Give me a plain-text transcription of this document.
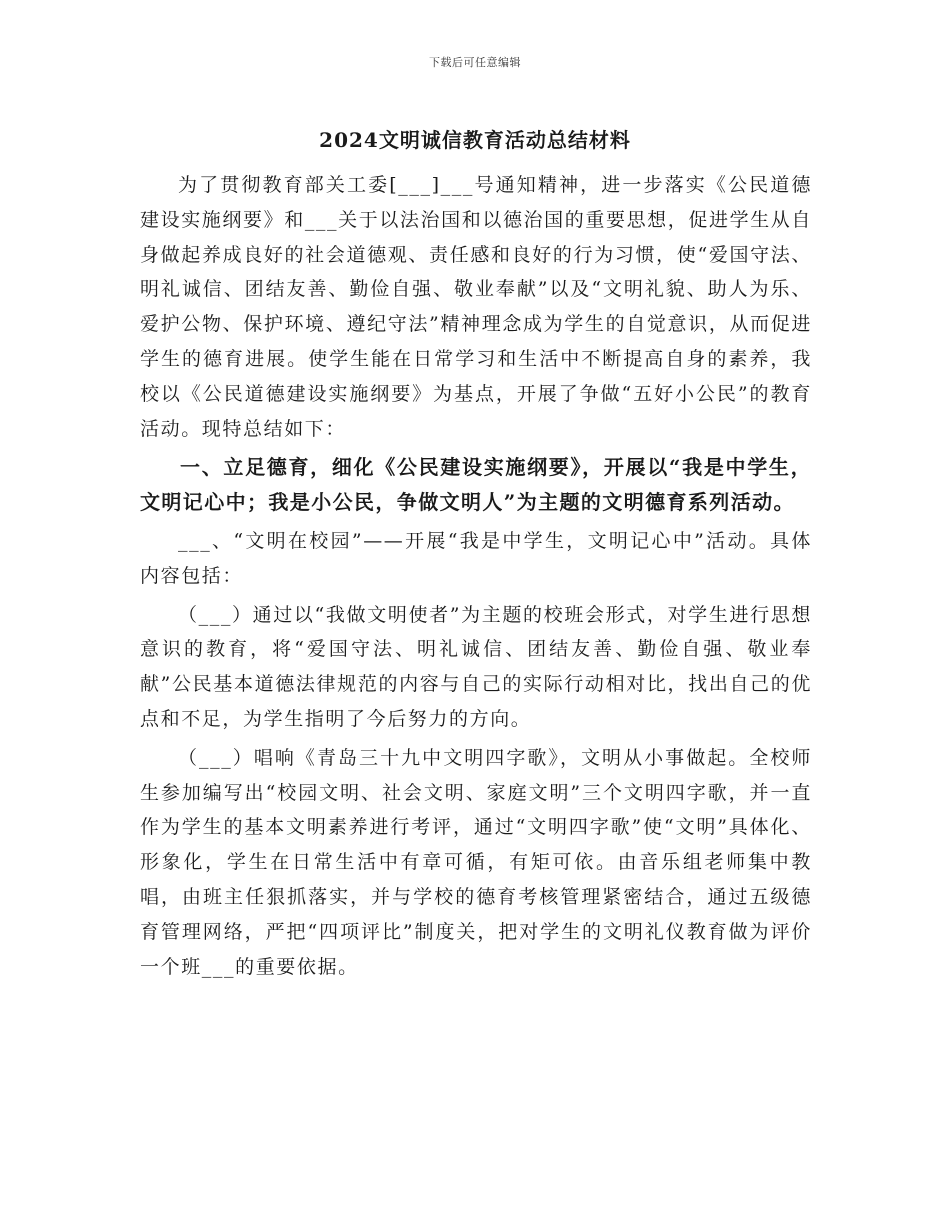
下载后可任意编辑
2024文明诚信教育活动总结材料

为了贯彻教育部关工委[___]___号通知精神，进一步落实《公民道德建设实施纲要》和___关于以法治国和以德治国的重要思想，促进学生从自身做起养成良好的社会道德观、责任感和良好的行为习惯，使“爱国守法、明礼诚信、团结友善、勤俭自强、敬业奉献”以及“文明礼貌、助人为乐、爱护公物、保护环境、遵纪守法”精神理念成为学生的自觉意识，从而促进学生的德育进展。使学生能在日常学习和生活中不断提高自身的素养，我校以《公民道德建设实施纲要》为基点，开展了争做“五好小公民”的教育活动。现特总结如下：

一、立足德育，细化《公民建设实施纲要》，开展以“我是中学生，文明记心中；我是小公民，争做文明人”为主题的文明德育系列活动。

___、“文明在校园”——开展“我是中学生，文明记心中”活动。具体内容包括：

（___）通过以“我做文明使者”为主题的校班会形式，对学生进行思想意识的教育，将“爱国守法、明礼诚信、团结友善、勤俭自强、敬业奉献”公民基本道德法律规范的内容与自己的实际行动相对比，找出自己的优点和不足，为学生指明了今后努力的方向。

（___）唱响《青岛三十九中文明四字歌》，文明从小事做起。全校师生参加编写出“校园文明、社会文明、家庭文明”三个文明四字歌，并一直作为学生的基本文明素养进行考评，通过“文明四字歌”使“文明”具体化、形象化，学生在日常生活中有章可循，有矩可依。由音乐组老师集中教唱，由班主任狠抓落实，并与学校的德育考核管理紧密结合，通过五级德育管理网络，严把“四项评比”制度关，把对学生的文明礼仪教育做为评价一个班___的重要依据。
